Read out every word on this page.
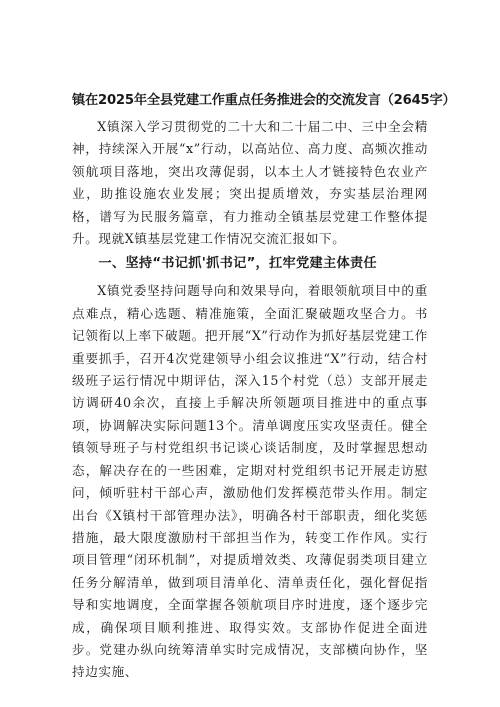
镇在2025年全县党建工作重点任务推进会的交流发言（2645字）

X镇深入学习贯彻党的二十大和二十届二中、三中全会精神，持续深入开展“x”行动，以高站位、高力度、高频次推动领航项目落地，突出攻薄促弱，以本土人才链接特色农业产业，助推设施农业发展；突出提质增效，夯实基层治理网格，谱写为民服务篇章，有力推动全镇基层党建工作整体提升。现就X镇基层党建工作情况交流汇报如下。

一、坚持“书记抓'抓书记”，扛牢党建主体责任

X镇党委坚持问题导向和效果导向，着眼领航项目中的重点难点，精心选题、精准施策，全面汇聚破题攻坚合力。书记领衔以上率下破题。把开展“X”行动作为抓好基层党建工作重要抓手，召开4次党建领导小组会议推进“X”行动，结合村级班子运行情况中期评估，深入15个村党（总）支部开展走访调研40余次，直接上手解决所领题项目推进中的重点事项，协调解决实际问题13个。清单调度压实攻坚责任。健全镇领导班子与村党组织书记谈心谈话制度，及时掌握思想动态，解决存在的一些困难，定期对村党组织书记开展走访慰问，倾听驻村干部心声，激励他们发挥模范带头作用。制定出台《X镇村干部管理办法》，明确各村干部职责，细化奖惩措施，最大限度激励村干部担当作为，转变工作作风。实行项目管理“闭环机制”，对提质增效类、攻薄促弱类项目建立任务分解清单，做到项目清单化、清单责任化，强化督促指导和实地调度，全面掌握各领航项目序时进度，逐个逐步完成，确保项目顺利推进、取得实效。支部协作促进全面进步。党建办纵向统筹清单实时完成情况，支部横向协作，坚持边实施、
